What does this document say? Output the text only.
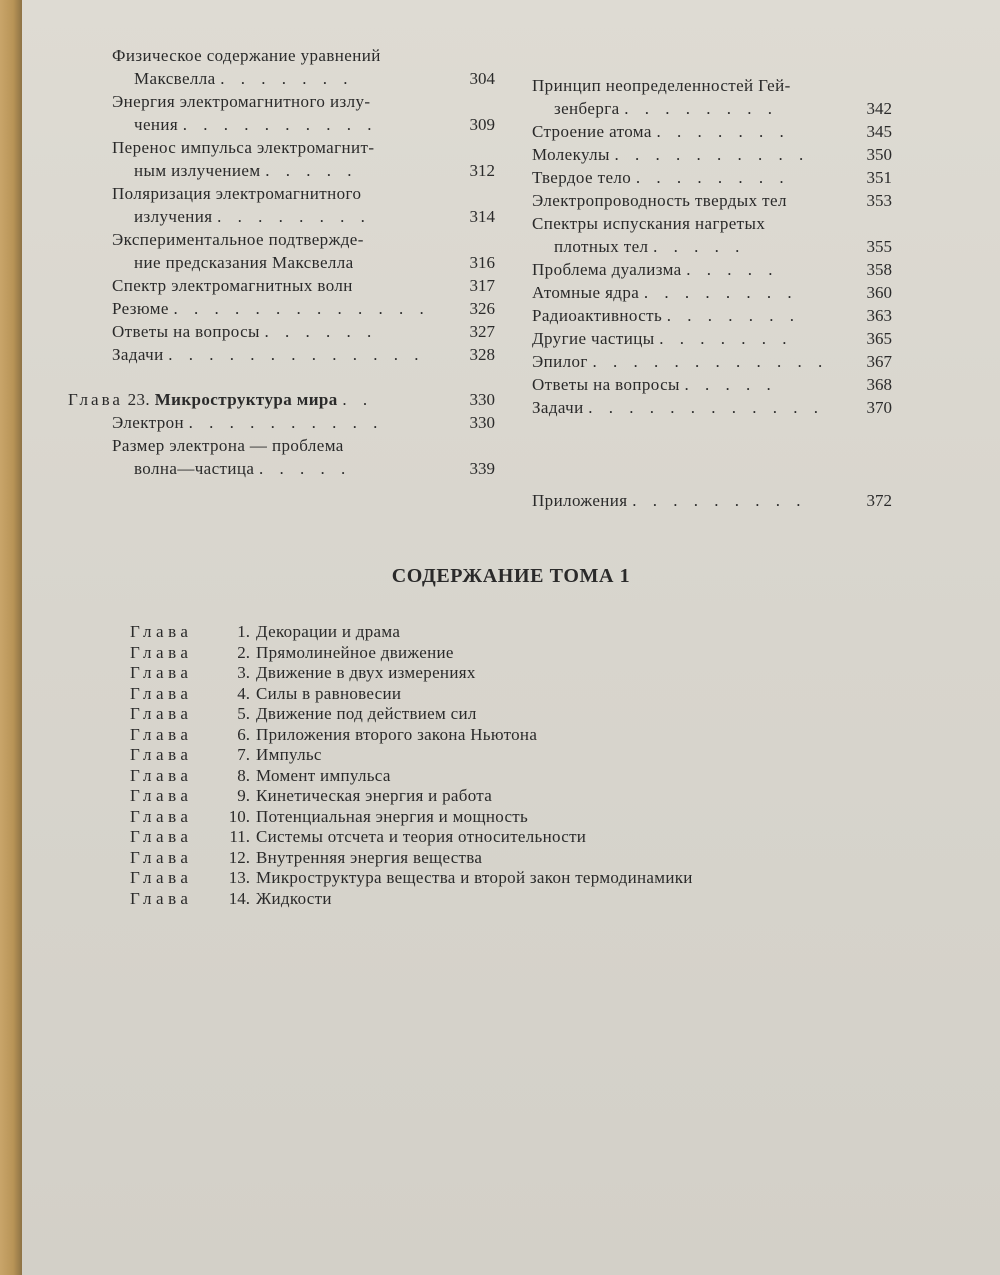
Физическое содержание уравнений
Максвелла . . . . . . .	304
Энергия электромагнитного излу-
чения . . . . . . . . . .	309
Перенос импульса электромагнит-
ным излучением . . . . .	312
Поляризация электромагнитного
излучения . . . . . . . .	314
Экспериментальное подтвержде-
ние предсказания Максвелла	316
Спектр электромагнитных волн	317
Резюме . . . . . . . . . . . . .	326
Ответы на вопросы . . . . . .	327
Задачи . . . . . . . . . . . . .	328
Глава 23. Микроструктура мира . .	330
Электрон . . . . . . . . . .	330
Размер электрона — проблема
волна—частица . . . . .	339
Принцип неопределенностей Гей-
зенберга . . . . . . . .	342
Строение атома . . . . . . .	345
Молекулы . . . . . . . . . .	350
Твердое тело . . . . . . . .	351
Электропроводность твердых тел	353
Спектры испускания нагретых
плотных тел . . . . .	355
Проблема дуализма . . . . .	358
Атомные ядра . . . . . . . .	360
Радиоактивность . . . . . . .	363
Другие частицы . . . . . . .	365
Эпилог . . . . . . . . . . . .	367
Ответы на вопросы . . . . .	368
Задачи . . . . . . . . . . . .	370
Приложения . . . . . . . . .	372
СОДЕРЖАНИЕ ТОМА 1
Глава	1. Декорации и драма
Глава	2. Прямолинейное движение
Глава	3. Движение в двух измерениях
Глава	4. Силы в равновесии
Глава	5. Движение под действием сил
Глава	6. Приложения второго закона Ньютона
Глава	7. Импульс
Глава	8. Момент импульса
Глава	9. Кинетическая энергия и работа
Глава	10. Потенциальная энергия и мощность
Глава	11. Системы отсчета и теория относительности
Глава	12. Внутренняя энергия вещества
Глава	13. Микроструктура вещества и второй закон термодинамики
Глава	14. Жидкости
